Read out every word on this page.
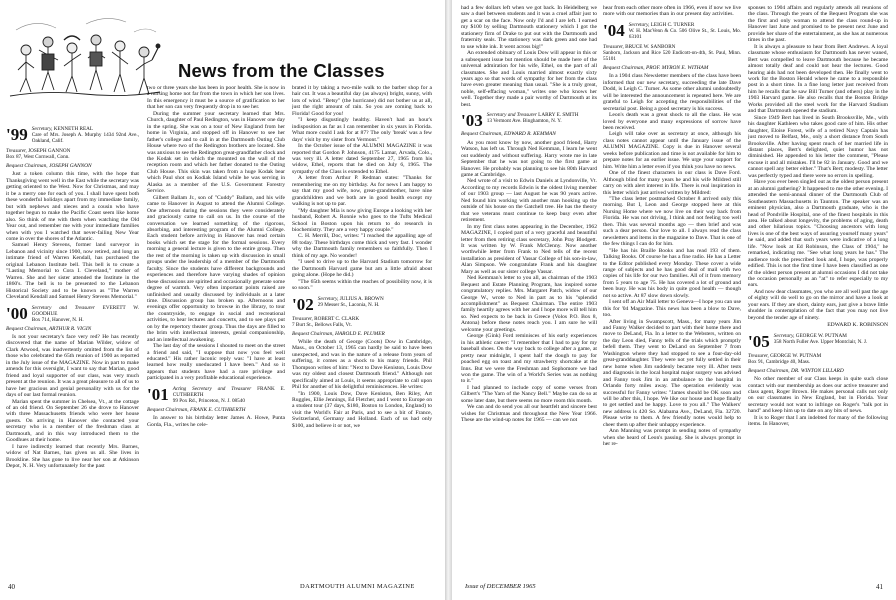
News from the Classes
'99 Secretary, KENNETH REAL
Care of Mrs. Joseph A. Murphy 1434 92nd Ave., Oakland, Calif.
Treasurer, JOSEPH GANNON
Box 87, West Cornwall, Conn.
Bequest Chairman, JOSEPH GANNON

Just a token column this time, with the hope that Thanksgiving went well in the East while the secretary was getting oriented to the West. Now for Christmas, and may it be a merry one for each of you. I shall have spent both these wonderful holidays apart from my immediate family, but with nephews and nieces and a cousin who have together begun to make the Pacific Coast seem like home also. So think of me with them when watching the Old Year out, and remember me with your immediate families when with you I watched that never-failing New Year come in over the shores of the Atlantic.

Samuel Henry Stevens, former land surveyor in Lebanon and vicinity since 1900, now retired, and long an intimate friend of Warren Kendall, has purchased the original Lebanon Institute bell. This bell is to create a "Lasting Memorial to Cora I. Cleveland," mother of Warren. She and her sister attended the Institute in the 1860's. The bell is to be presented to the Lebanon Historical Society and to be known as "The Warren Cleveland Kendall and Samuel Henry Stevens Memorial."

'00 Secretary and Treasurer EVERETT W. GOODHUE
Box 714, Hanover, N. H.
Bequest Chairman, ARTHUR R. VIGIN

Is not your secretary's face very red? He has recently discovered that the name of Marian Wilder, widow of Clark Atwood, was inadvertently omitted from the list of those who celebrated the 65th reunion of 1900 as reported in the July issue of the MAGAZINE. Now in part to make amends for this oversight, I want to say that Marian, good friend and loyal supporter of our class, was very much present at the reunion. It was a great pleasure to all of us to have her gracious and genial personality with us for the days of our last formal reunion.

Marian spent the summer in Chelsea, Vt., at the cottage of an old friend. On September 26 she drove to Hanover with three Massachusetts friends who were her house guests. On arriving in Hanover she contacted your secretary who is a member of the freshman class at Dartmouth, and in this way introduced them to the Goodhues at their home.

I have indirectly learned that recently Mrs. Barnes, widow of Nat Barnes, has given us all. She lives in Brookline. She has gone to live near her son at Atkinson Depot, N. H. Very unfortunately for the past

two or three years she has been in poor health. She is now in a nursing home not far from the town in which her son lives. In this emergency it must be a source of gratification to her that her son can very frequently drop in to see her.

During the summer your secretary learned that Mrs. Church, daughter of Paul Redington, was in Hanover one day in the spring. She was on a tour of New England from her home in Virginia, and stopped off in Hanover to see her father's college and to call in at the Dartmouth Outing Club House where two of the Redington brothers are located. She was anxious to see the Redington great-grandfather clock and the Kodak set in which the mounted on the wall of the reception room and which her father donated to the Outing Club House. This skin was taken from a huge Kodak bear which Paul shot on Kodiak Island while he was serving in Alaska as a member of the U.S. Government Forestry Service.

Gilbert Ballam Jr., son of "Cuddy" Ballam, and his wife came to Hanover in August to attend the Alumni College. One afternoon during the sessions they were considerately and graciously came to call on us. In the course of the conversation we learned something of the rigorous, absorbing, and interesting program of the Alumni College. Each student before arriving in Hanover has read certain books which set the stage for the formal sessions. Every morning a general lecture is given to the entire group. Then the rest of the morning is taken up with discussion in small groups under the leadership of a member of the Dartmouth faculty. Since the students have different backgrounds and experiences and therefore have varying shades of opinion these discussions are spirited and occasionally generate some degree of warmth. Very often important points raised are unfinished and usually discussed by individuals at a later time. Discussion group has broken up. Afternoons and evenings offer opportunity to browse in the library, to tour the countryside, to engage in social and recreational activities, to hear lectures and concerts, and to see plays put on by the repertory theater group. Thus the days are filled to the brim with intellectual interests, genial companionship, and an intellectual awakening.

The last day of the sessions I shouted to meet on the street a friend and said, "I suppose that now you feel well educated." His rather laconic reply was: "I have at least learned how really uneducated I have been." And so it appears that students have had a rare privilege and participated in a very profitable educational experience.

'01 Acting Secretary and Treasurer FRANK E. CUTHBERTH
99 Pox Rd., Princeton, N. J. 08540
Bequest Chairman, FRANK E. CUTHBERTH

In answer to his birthday letter James A. Howe, Punta Gorda, Fla., writes he cele-

brated it by taking a two-mile walk to the barber shop for a hair cut. It was a beautiful day (as always) bright, sunny, with lots of wind. "Betsy" (the hurricane) did not bother us at all, just the right amount of rain. So you are coming back to Florida! Good for you!

"I keep disgustingly healthy. Haven't had an hour's indisposition as far as I can remember in six years in Florida. What more could I ask for at 87? The only 'break' was a few days' visit by my sister from Vermont."

In the October issue of the ALUMNI MAGAZINE it was reported that Gordon P. Johnson, 4175 Lamar, Arvada, Colo., was very ill. A letter dated September 27, 1965 from his widow, Ethel, reports that he died on July 6, 1965. The sympathy of the Class is extended to Ethel.

A letter from Arthur P. Redman states: "Thanks for remembering me on my birthday. As for news I am happy to say that my good wife, now, great-grandmother, have nine grandchildren and we both are in good health except my walking is not up to par.

"My daughter Mia is now giving Europe a looking with her husband, Robert A. Ronnie who goes to the Tufts Medical School in Boston upon his return to do research in biochemistry. They are a very happy couple."

C. H. Merrill, Doc, writes: "I reached the appalling age of 88 today. These birthdays come thick and very fast. I wonder why the Dartmouth family remembers so faithfully. Then I think of my age. No wonder!

"I used to drive up to the Harvard Stadium tomorrow for the Dartmouth Harvard game but am a little afraid about going alone. (Hope he did.)

"The 65th seems within the reaches of possibility now, it is so soon."

'02 Secretary, JULIUS A. BROWN
29 Messer St., Laconia, N. H.
Treasurer, ROBERT C. CLARK
7 Burt St., Bellows Falls, Vt.
Bequest Chairman, HAROLD E. PLUMER

While the death of George (Coots) Dow in Cambridge, Mass., on October 13, 1965 can hardly be said to have been unexpected, and was in the nature of a release from years of suffering, it comes as a shock to his many friends. Phil Thompson writes of him: "Next to Dave Keniston, Louis Dow was my oldest and closest Dartmouth friend." Although not specifically aimed at Louis, it seems appropriate to call upon Phil for another of his delightful reminiscences. He writes:

"In 1900, Louis Dow, Dave Keniston, Ben Riley, Art Ruggles, Ellie Jennings, Ed Fletcher, and I went to Europe on a student tour (37 days, $180, Boston to London, England) to visit the World's Fair at Paris, and to see a bit of France, Switzerland, Germany and Holland. Each of us had only $100, and believe it or not, we

had a few dollars left when we got back. In Heidelberg we saw a duel between students and it was a cruel affair just to get a scar on the face. Now only I'd and I are left. I earned my $100 by selling Dartmouth stationery which I got the stationery firm of Drake to put out with the Dartmouth and fraternity seals. The stationery was dark green and one had to use white ink. It went across big!"

An extended obituary of Louis Dow will appear in this or a subsequent issue but mention should be made here of the universal admiration for his wife, Ethel, on the part of all classmates. She and Louis married almost exactly sixty years ago so that words of sympathy for her from the class have even greater meaning than usual. "She is a truly great, noble, self-effacing woman," writes one who knows her well. Together they made a pair worthy of Dartmouth at its best.

'03 Secretary and Treasurer LARRY E. SMITH
13 Vermont Ave. Binghamton, N. Y.
Bequest Chairman, EDWARD R. KEMMAN

As you most know by now, another good friend, Harry Watson, has left us. Through Ned Kemman, I learn he went out suddenly and without suffering. Harry wrote me in late September that he was not going to the first game at Hanover. He probably was planning to see his 80th Harvard game at Cambridge.

Ned wrote of a visit to Edwin Daniels at Lyndonville, Vt. According to my records Edwin is the oldest living member of our 1903 group — last August he was 90 years active. Ned found him working with another man hooking up the outside of his house on the Gatchell tree. He has the theory that we veterans must continue to keep busy even after retirement.

In my first class notes appearing in the December, 1962 MAGAZINE, I copied part of a very graceful and beautiful letter from then retiring class secretary, John Pray Blodgett. It was written by W. Frank McClenny. Now another worthwhile letter from Frank to Ned tells of the recent installation as president of Vassar College of his son-in-law, Alan Simpson. We congratulate Frank and his daughter Mary as well as our sister college Vassar.

Ned Kemman's letter to you all, as chairman of the 1903 Bequest and Estate Planning Program, has inspired some congratulatory replies. Mrs. Margaret Patch, widow of our George W., wrote to Ned in part as to his "splendid accomplishment" as Bequest Chairman. The entire 1903 family heartily agrees with her and I hope more will tell him so. Ned expects to be back in Greece (Volos P.O. Box 8, Antona) before these notes reach you. I am sure he will welcome your greetings.

George (Gink) Ford reminisces of his early experiences in his athletic career: "I remember that I had to pay for my baseball shoes. On the way back to college after a game, at pretty near midnight, I spent half the dough to pay for poached egg on toast and my strawberry shortcake at the Inns. But we were the Freshman and Sophomore we had won the game. The win of a World's Series was as nothing to it."

I had planned to include copy of some verses from Gilbert's "The Yarn of the Nancy Bell." Maybe can do so at some later date, but there seems no more room this month.

We can and do send you all our heartfelt and sincere best wishes for Christmas and throughout the New Year 1966. These are the wind-up notes for 1965 — can we not

hear from each other more often in 1966, even if now we live more with our memories than in our present day activities.

'04 Secretary, LEIGH C. TURNER
W. H. MacVenn & Co. 506 Olive St., St. Louis, Mo. 63101
Treasurer, BRUCE W. SANBORN
Sanborn, Jackson and Rice 520 Endicott-on-4th, St. Paul, Minn. 55101
Bequest Chairman, PROF. MYRON E. WITHAM

In a 1904 class Newsletter members of the class have been informed that our new secretary, succeeding the late Dave Dodd, is Leigh C. Turner. As some other alumni undoubtedly will be interested the announcement is repeated here. We are grateful to Leigh for accepting the responsibilities of the secretarial post. Being a good secretary is his success.

Leon's death was a great shock to all the class. He was loved by everyone and many expressions of sorrow have been received.

Leigh will take over as secretary at once, although his class notes cannot appear until the January issue of the ALUMNI MAGAZINE. Copy is due in Hanover several weeks before publication and time is not available for him to prepare notes for an earlier issue. We urge your support for him. Write him a letter even if you think you have no news.

One of the finest characters in our class is Dave Ford. Although blind for many years he and his wife Mildred still carry on with alert interest in life. There is real inspiration in this letter which just arrived written by Mildred:

"The class letter postmarked October 8 arrived only this morning. But I, Leon and George stopped here at this Nursing Home where we now live on their way back from Florida. He was not driving, I think and not feeling too well then. This was several months ago — then brief and was such a dear person. Our love to all. I always read the class newsletters and items in the magazine to Dave. That is one of the few things I can do for him.

"He has his Braille Books and has read 193 of them. Talking Books. Of course he has a fine radio. He has a Letter to the Editor published every Monday. These cover a wide range of subjects and he has good deal of mail with two copies of his life for our two families. All of it from memory from 5 years to age 75. He has covered a lot of ground and been busy. He was his body in quite good health — though not so active. At 87 slow down slowly.

I sent off an Air Mail letter to Geneva—I hope you can use this for '04 Magazine. This news has been a blow to Dave, too.

After living in Swampscott, Mass., for many years Jim and Fanny Walker decided to part with their home there and move to DeLand, Fla. In a letter to the Websters, written on the day Leon died, Fanny tells of the trials which promptly befell them. They went to DeLand on September 7 from Washington where they had stopped to see a four-day-old great-granddaughter. They were not yet fully settled in their new home when Jim suddenly became very ill. After tests and diagnosis in the local hospital major surgery was advised and Fanny took Jim in an ambulance to the hospital in Orlando forty miles away. The operation evidently was successful for Fanny writes: "James should be OK soon and will be after this, I hope. We like our house and hope finally to get settled and be happy. Love to you all." The Walkers' new address is 420 So. Alabama Ave., DeLand, Fla. 32720. Please write to them. A few friendly notes would help to cheer them up after their unhappy experience.

Ann Manning was prompt in sending notes of sympathy when she heard of Leon's passing. She is always prompt in her re-

sponses to 1904 affairs and regularly attends all reunions of the class. Through the years of the Bequest Program she was the first and only woman to attend the class round-up in Hanover last June and promised to be present next June and provide her share of the entertainment, as she has at numerous times in the past.

It is always a pleasure to hear from Bert Andrews. A loyal classmate whose enthusiasm for Dartmouth has never waned, Bert was compelled to leave Dartmouth because he became almost totally deaf and could not hear the lectures. Good hearing aids had not been developed then. He finally went to work for the Boston Herald where he came to a responsible post in a short time. In a fine long letter just received from him he recalls that he saw Bill Turner (and others) play in the 1903 Harvard game. He also recalls that the Boston Bridge Works provided all the steel work for the Harvard Stadium and that Dartmouth opened the stadium.

Since 1949 Bert has lived in South Brooksville, Me., with his daughter Kathleen who takes good care of him. His other daughter, Eloise Forest, wife of a retired Navy Captain has just moved to Belfast, Me., only a short distance from South Brooksville. After having spent much of her married life in distant places, Bert's delighted, quiet humor has not diminished. He appended to his letter the comment, "Please excuse it and all mistakes. I'll be 82 in January. Good and we cannot spell any better either." That's Bert; modesty. The letter was perfectly typed and there were no errors in spelling.

Have you ever been singled out as the oldest person present at an alumni gathering? It happened to me the other evening. I attended the semi-annual dinner of the Dartmouth Club of Southeastern Massachusetts in Taunton. The speaker was an eminent physician, also a Dartmouth graduate, who is the head of Pondville Hospital, one of the finest hospitals in this area. He talked about longevity, the problems of aging, death and other hilarious topics. "Choosing ancestors with long lives is one of the best ways of assuring yourself many years" he said, and added that such years were indicative of a long life. "Now look at Ed Robinson, the Class of 1904," he remarked, indicating me. "See what long years he has." The audience took the prescribed look and, I hope, was properly edified. This is not the first time I have been classified as one of the oldest person present at alumni occasions I did not take the occasion personally as an "at" to refer especially to my ears.

And now dear classmates, you who are all well past the age of eighty will do well to go on the mirror and have a look at your ears. If they are short, dainty ears, just give a brave little shudder in contemplation of the fact that you may not live beyond the tender age of ninety.

EDWARD K. ROBINSON
'05 Secretary, GEORGE W. PUTNAM
358 North Fuller Ave. Upper Montclair, N. J.
Treasurer, GEORGE W. PUTNAM
Box 91, Cambridge 40, Mass.
Bequest Chairman, DR. WINTON LILLARD

No other member of our Class keeps in quite such close contact with our membership as does our active treasurer and class agent, Roger Brown. He makes personal calls not only on our classmates in New England, but in Florida. Your secretary would not want to infringe on Roger's "talk pot in hand" and keep him up to date on any bits of news.

It is to Roger that I am indebted for many of the following items. In Hanover,

40	DARTMOUTH ALUMNI MAGAZINE	Issue of DECEMBER 1965	41
